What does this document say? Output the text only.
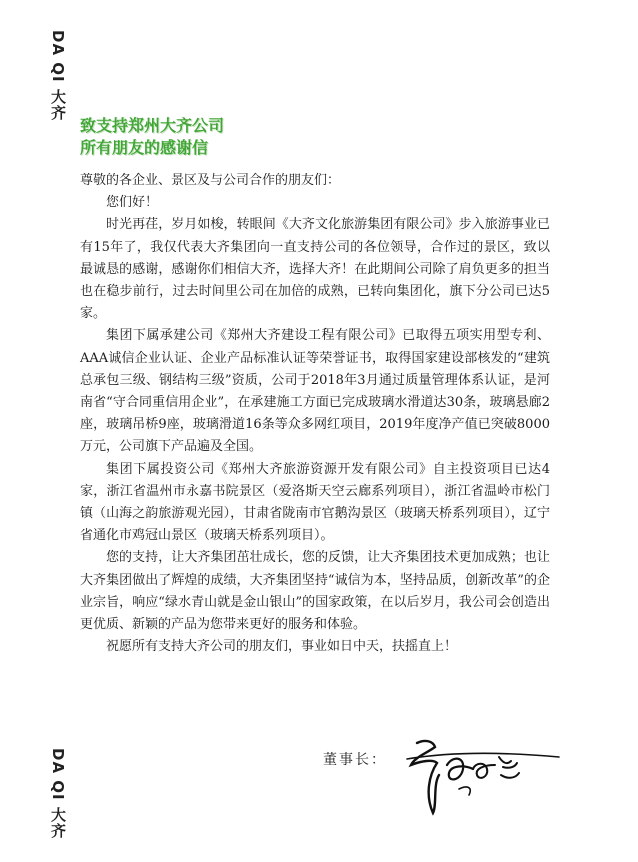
DA QI 大齐
DA QI 大齐
致支持郑州大齐公司
所有朋友的感谢信

尊敬的各企业、景区及与公司合作的朋友们：

您们好！

时光再荏，岁月如梭，转眼间《大齐文化旅游集团有限公司》步入旅游事业已有15年了，我仅代表大齐集团向一直支持公司的各位领导，合作过的景区，致以最诚恳的感谢，感谢你们相信大齐，选择大齐！在此期间公司除了肩负更多的担当也在稳步前行，过去时间里公司在加倍的成熟，已转向集团化，旗下分公司已达5家。

集团下属承建公司《郑州大齐建设工程有限公司》已取得五项实用型专利、AAA诚信企业认证、企业产品标准认证等荣誉证书，取得国家建设部核发的“建筑总承包三级、钢结构三级”资质，公司于2018年3月通过质量管理体系认证，是河南省“守合同重信用企业”，在承建施工方面已完成玻璃水滑道达30条，玻璃悬廊2座，玻璃吊桥9座，玻璃滑道16条等众多网红项目，2019年度净产值已突破8000万元，公司旗下产品遍及全国。

集团下属投资公司《郑州大齐旅游资源开发有限公司》自主投资项目已达4家，浙江省温州市永嘉书院景区（爱洛斯天空云廊系列项目），浙江省温岭市松门镇（山海之韵旅游观光园），甘肃省陇南市官鹅沟景区（玻璃天桥系列项目），辽宁省通化市鸡冠山景区（玻璃天桥系列项目）。

您的支持，让大齐集团茁壮成长，您的反馈，让大齐集团技术更加成熟；也让大齐集团做出了辉煌的成绩，大齐集团坚持“诚信为本，坚持品质，创新改革”的企业宗旨，响应“绿水青山就是金山银山”的国家政策，在以后岁月，我公司会创造出更优质、新颖的产品为您带来更好的服务和体验。

祝愿所有支持大齐公司的朋友们，事业如日中天，扶摇直上！

董事长：
